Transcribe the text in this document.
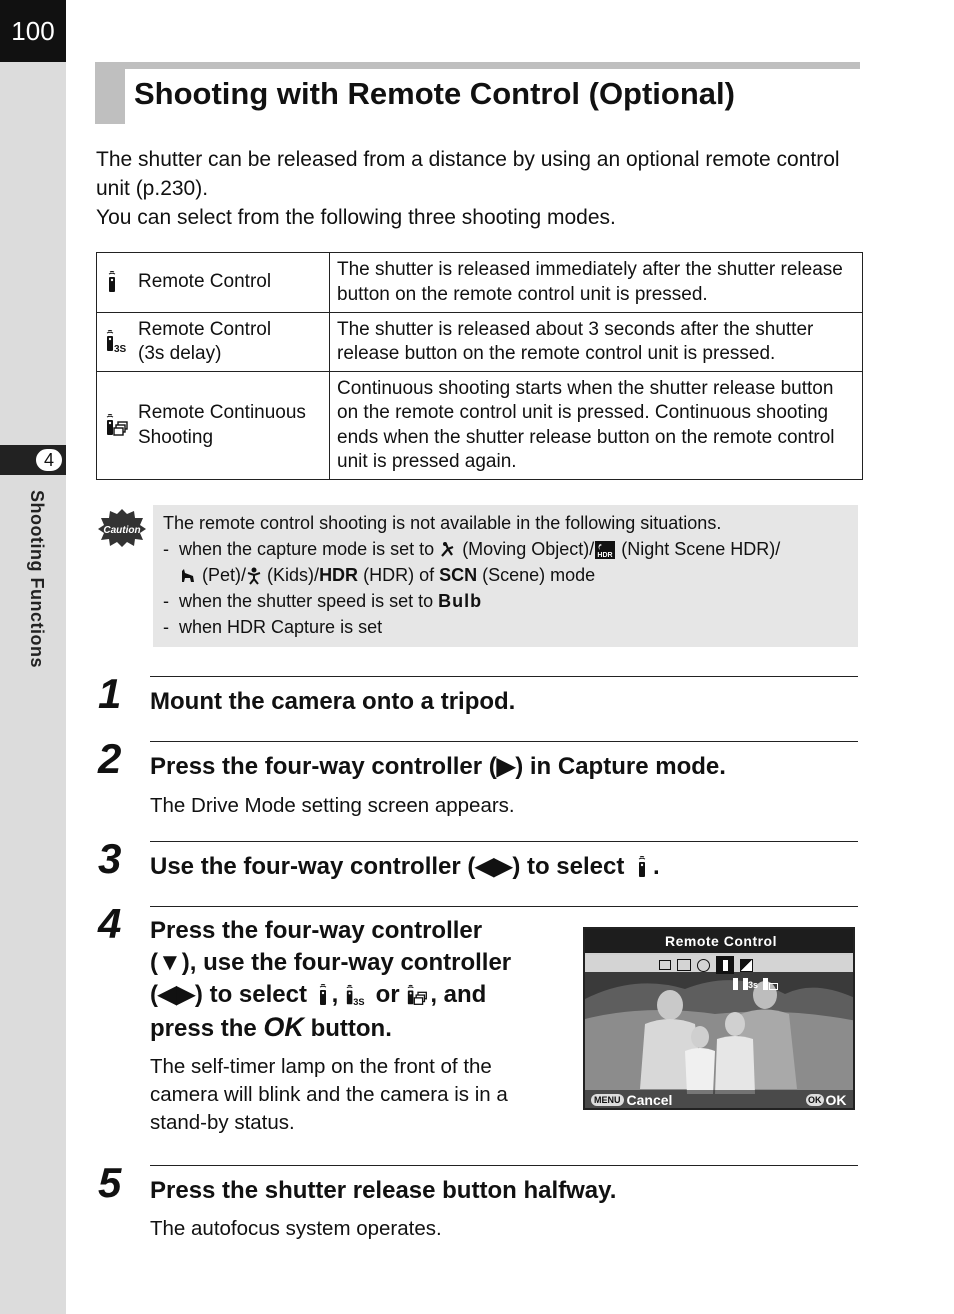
100
4
Shooting Functions
Shooting with Remote Control (Optional)
The shutter can be released from a distance by using an optional remote control unit (p.230).
You can select from the following three shooting modes.
Remote Control	The shutter is released immediately after the shutter release button on the remote control unit is pressed.

3S
Remote Control
(3s delay)	The shutter is released about 3 seconds after the shutter release button on the remote control unit is pressed.

Remote Continuous
Shooting	Continuous shooting starts when the shutter release button on the remote control unit is pressed. Continuous shooting ends when the shutter release button on the remote control unit is pressed again.
Caution The remote control shooting is not available in the following situations.
-  when the capture mode is set to (Moving Object)/ HDR (Night Scene HDR)/
(Pet)/ (Kids)/HDR (HDR) of SCN (Scene) mode
-  when the shutter speed is set to Bulb
-  when HDR Capture is set
1 Mount the camera onto a tripod.
2 Press the four-way controller (▶) in Capture mode.
The Drive Mode setting screen appears.
3 Use the four-way controller (◀▶) to select .
4 Press the four-way controller
(▼), use the four-way controller
(◀▶) to select , 3S or , and
press the OK button.
The self-timer lamp on the front of the camera will blink and the camera is in a stand-by status.
Remote Control
3s
MENU Cancel	OK OK
5 Press the shutter release button halfway.
The autofocus system operates.
